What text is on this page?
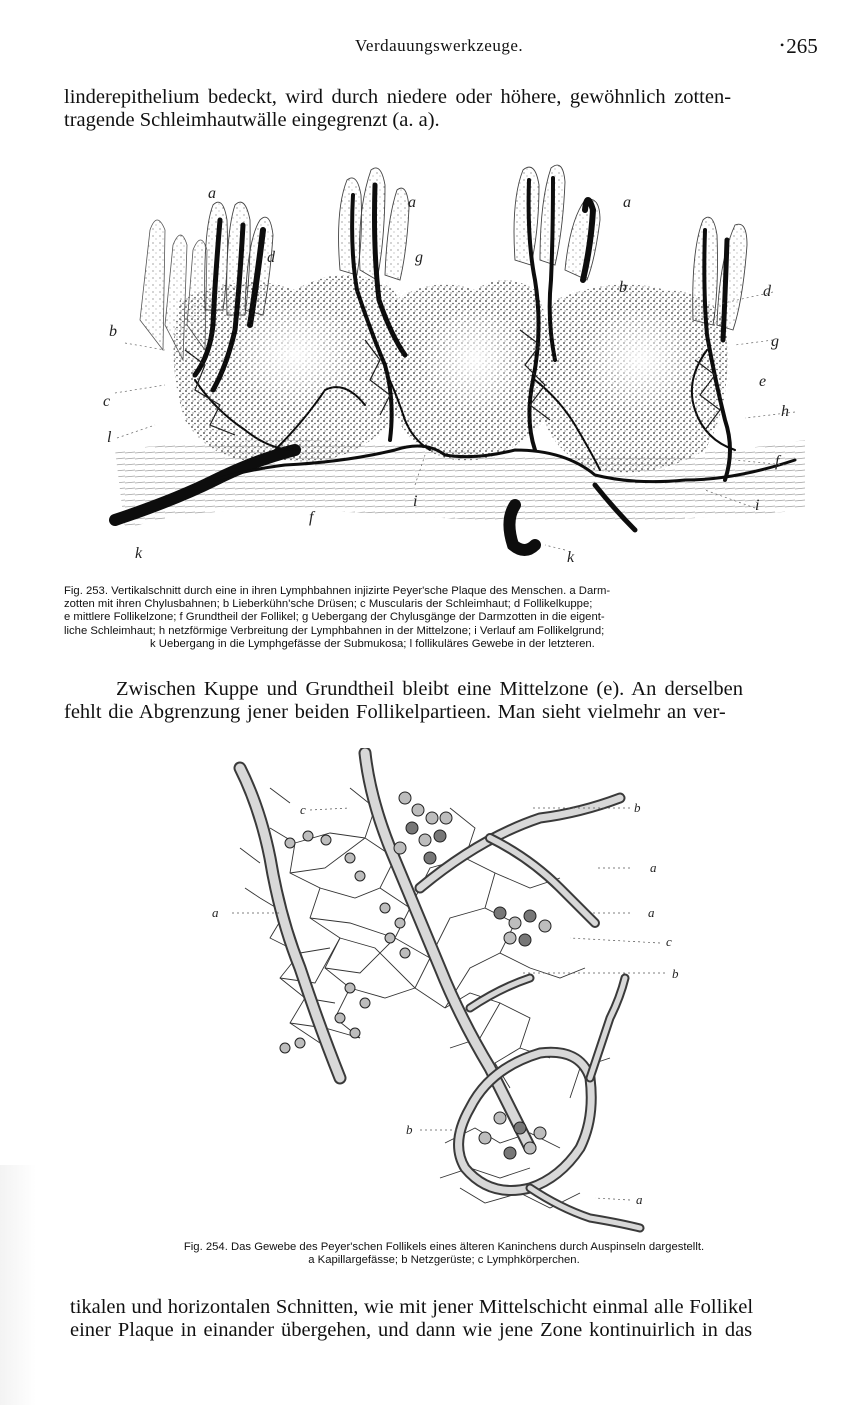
Verdauungswerkzeuge.	•265
linderepithelium bedeckt, wird durch niedere oder höhere, gewöhnlich zotten-
tragende Schleimhautwälle eingegrenzt (a. a).
a
a	a
d	g
b	d
b
g
e
c
h
l
f
f
i	i
k	k
Fig. 253. Vertikalschnitt durch eine in ihren Lymphbahnen injizirte Peyer'sche Plaque des Menschen. a Darm-
zotten mit ihren Chylusbahnen; b Lieberkühn'sche Drüsen; c Muscularis der Schleimhaut; d Follikelkuppe;
e mittlere Follikelzone; f Grundtheil der Follikel; g Uebergang der Chylusgänge der Darmzotten in die eigent-
liche Schleimhaut; h netzförmige Verbreitung der Lymphbahnen in der Mittelzone; i Verlauf am Follikelgrund;
k Uebergang in die Lymphgefässe der Submukosa; l follikuläres Gewebe in der letzteren.
Zwischen Kuppe und Grundtheil bleibt eine Mittelzone (e). An derselben
fehlt die Abgrenzung jener beiden Follikelpartieen. Man sieht vielmehr an ver-
c	b
a
a	a
c
b
b
a
Fig. 254. Das Gewebe des Peyer'schen Follikels eines älteren Kaninchens durch Auspinseln dargestellt.
a Kapillargefässe; b Netzgerüste; c Lymphkörperchen.
tikalen und horizontalen Schnitten, wie mit jener Mittelschicht einmal alle Follikel
einer Plaque in einander übergehen, und dann wie jene Zone kontinuirlich in das
